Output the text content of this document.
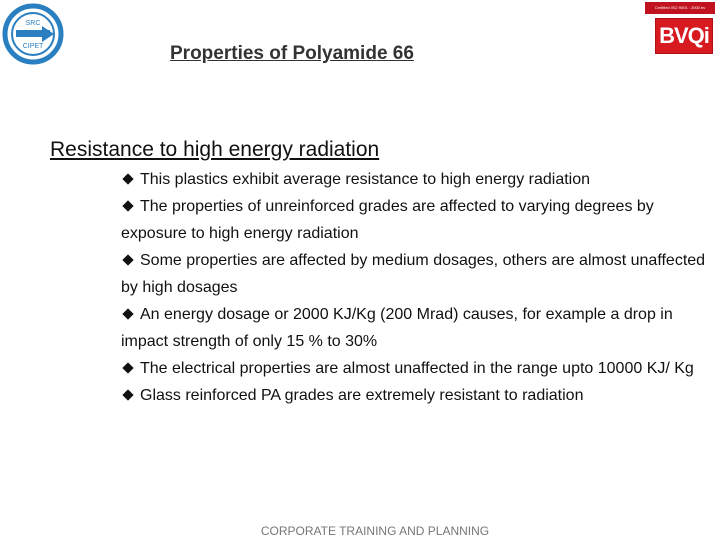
SRC
CIPET
Certified ISO 9001 : 2000 bv
BVQi
Properties of Polyamide 66
Resistance to high energy radiation

This plastics exhibit average resistance to high energy radiation

The properties of unreinforced grades are affected to varying degrees by exposure to high energy radiation

Some properties are affected by medium dosages, others are almost unaffected by high dosages

An energy dosage or 2000 KJ/Kg (200 Mrad) causes, for example a drop in impact strength of only 15 % to 30%

The electrical properties are almost unaffected in the range upto 10000 KJ/ Kg

Glass reinforced PA grades are extremely resistant to radiation

CORPORATE TRAINING AND PLANNING
